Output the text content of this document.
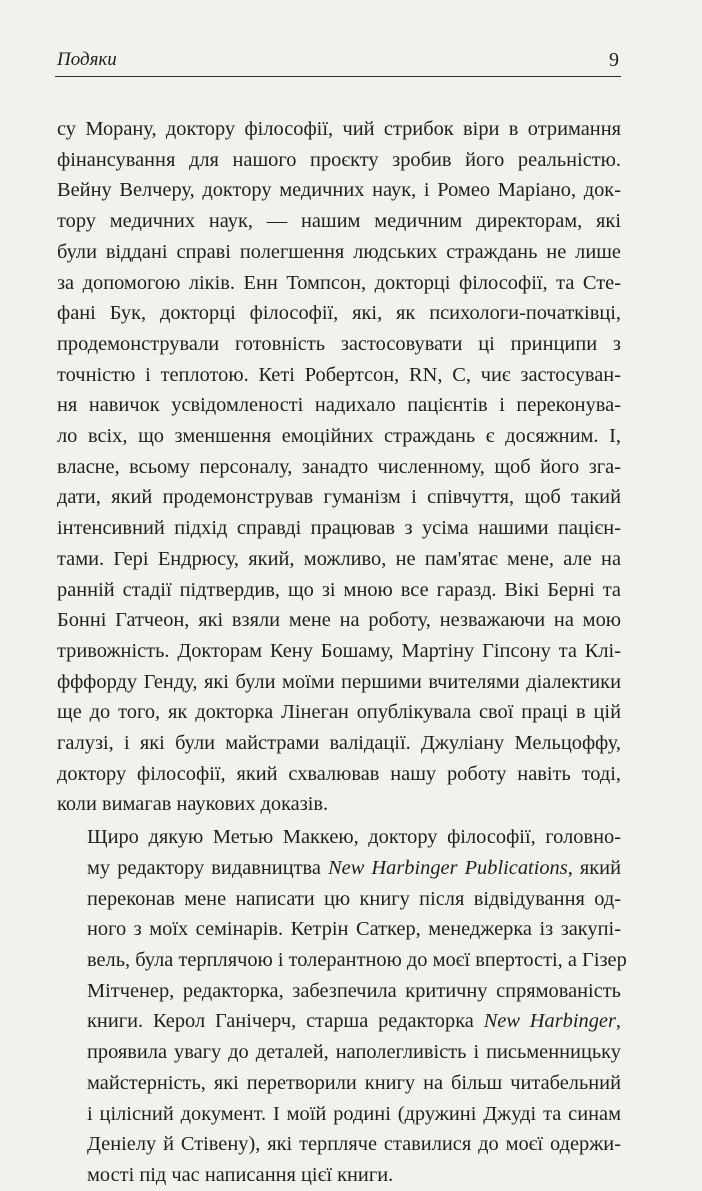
Подяки	9

су Морану, доктору філософії, чий стрибок віри в отримання
фінансування для нашого проєкту зробив його реальністю.
Вейну Велчеру, доктору медичних наук, і Ромео Маріано, док-
тору медичних наук, — нашим медичним директорам, які
були віддані справі полегшення людських страждань не лише
за допомогою ліків. Енн Томпсон, докторці філософії, та Сте-
фані Бук, докторці філософії, які, як психологи-початківці,
продемонстрували готовність застосовувати ці принципи з
точністю і теплотою. Кеті Робертсон, RN, C, чиє застосуван-
ня навичок усвідомленості надихало пацієнтів і переконува-
ло всіх, що зменшення емоційних страждань є досяжним. І,
власне, всьому персоналу, занадто численному, щоб його зга-
дати, який продемонстрував гуманізм і співчуття, щоб такий
інтенсивний підхід справді працював з усіма нашими пацієн-
тами. Гері Ендрюсу, який, можливо, не пам'ятає мене, але на
ранній стадії підтвердив, що зі мною все гаразд. Вікі Берні та
Бонні Гатчеон, які взяли мене на роботу, незважаючи на мою
тривожність. Докторам Кену Бошаму, Мартіну Гіпсону та Клі-
фффорду Генду, які були моїми першими вчителями діалектики
ще до того, як докторка Лінеган опублікувала свої праці в цій
галузі, і які були майстрами валідації. Джуліану Мельцоффу,
доктору філософії, який схвалював нашу роботу навіть тоді,
коли вимагав наукових доказів.

Щиро дякую Метью Маккею, доктору філософії, головно-
му редактору видавництва New Harbinger Publications, який
переконав мене написати цю книгу після відвідування од-
ного з моїх семінарів. Кетрін Саткер, менеджерка із закупі-
вель, була терплячою і толерантною до моєї впертості, а Гізер
Мітченер, редакторка, забезпечила критичну спрямованість
книги. Керол Ганічерч, старша редакторка New Harbinger,
проявила увагу до деталей, наполегливість і письменницьку
майстерність, які перетворили книгу на більш читабельний
і цілісний документ. І моїй родині (дружині Джуді та синам
Деніелу й Стівену), які терпляче ставилися до моєї одержи-
мості під час написання цієї книги.
